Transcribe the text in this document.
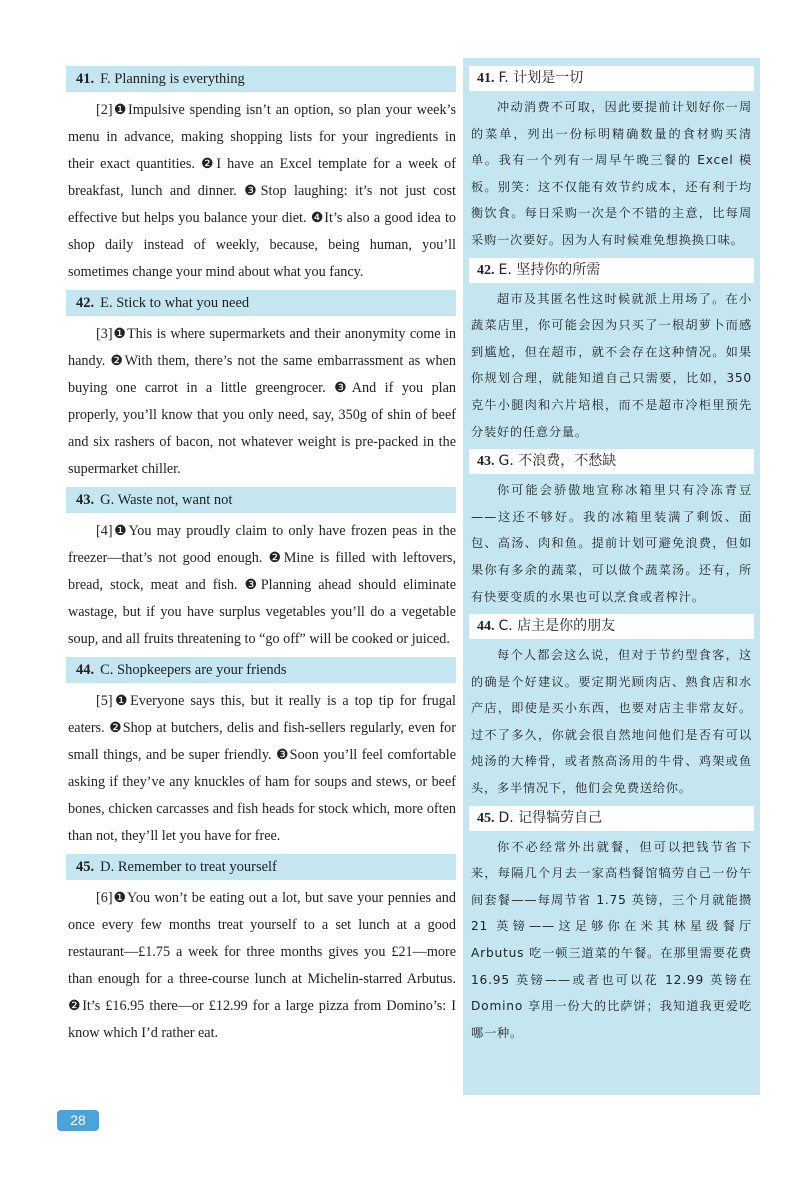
41. F. Planning is everything

[2]❶Impulsive spending isn’t an option, so plan your week’s menu in advance, making shopping lists for your ingredients in their exact quantities. ❷I have an Excel template for a week of breakfast, lunch and dinner. ❸Stop laughing: it’s not just cost effective but helps you balance your diet. ❹It’s also a good idea to shop daily instead of weekly, because, being human, you’ll sometimes change your mind about what you fancy.

42. E. Stick to what you need

[3]❶This is where supermarkets and their anonymity come in handy. ❷With them, there’s not the same embarrassment as when buying one carrot in a little greengrocer. ❸And if you plan properly, you’ll know that you only need, say, 350g of shin of beef and six rashers of bacon, not whatever weight is pre-packed in the supermarket chiller.

43. G. Waste not, want not

[4]❶You may proudly claim to only have frozen peas in the freezer—that’s not good enough. ❷Mine is filled with leftovers, bread, stock, meat and fish. ❸Planning ahead should eliminate wastage, but if you have surplus vegetables you’ll do a vegetable soup, and all fruits threatening to “go off” will be cooked or juiced.

44. C. Shopkeepers are your friends

[5]❶Everyone says this, but it really is a top tip for frugal eaters. ❷Shop at butchers, delis and fish-sellers regularly, even for small things, and be super friendly. ❸Soon you’ll feel comfortable asking if they’ve any knuckles of ham for soups and stews, or beef bones, chicken carcasses and fish heads for stock which, more often than not, they’ll let you have for free.

45. D. Remember to treat yourself

[6]❶You won’t be eating out a lot, but save your pennies and once every few months treat yourself to a set lunch at a good restaurant—£1.75 a week for three months gives you £21—more than enough for a three-course lunch at Michelin-starred Arbutus. ❷It’s £16.95 there—or £12.99 for a large pizza from Domino’s: I know which I’d rather eat.

41. F. 计划是一切

冲动消费不可取，因此要提前计划好你一周的菜单，列出一份标明精确数量的食材购买清单。我有一个列有一周早午晚三餐的 Excel 模板。别笑：这不仅能有效节约成本，还有利于均衡饮食。每日采购一次是个不错的主意，比每周采购一次要好。因为人有时候难免想换换口味。

42. E. 坚持你的所需

超市及其匿名性这时候就派上用场了。在小蔬菜店里，你可能会因为只买了一根胡萝卜而感到尴尬，但在超市，就不会存在这种情况。如果你规划合理，就能知道自己只需要，比如，350 克牛小腿肉和六片培根，而不是超市冷柜里预先分装好的任意分量。

43. G. 不浪费，不愁缺

你可能会骄傲地宣称冰箱里只有冷冻青豆——这还不够好。我的冰箱里装满了剩饭、面包、高汤、肉和鱼。提前计划可避免浪费，但如果你有多余的蔬菜，可以做个蔬菜汤。还有，所有快要变质的水果也可以烹食或者榨汁。

44. C. 店主是你的朋友

每个人都会这么说，但对于节约型食客，这的确是个好建议。要定期光顾肉店、熟食店和水产店，即使是买小东西，也要对店主非常友好。过不了多久，你就会很自然地问他们是否有可以炖汤的大棒骨，或者熬高汤用的牛骨、鸡架或鱼头，多半情况下，他们会免费送给你。

45. D. 记得犒劳自己

你不必经常外出就餐，但可以把钱节省下来，每隔几个月去一家高档餐馆犒劳自己一份午间套餐——每周节省 1.75 英镑，三个月就能攒 21 英镑——这足够你在米其林星级餐厅 Arbutus 吃一顿三道菜的午餐。在那里需要花费 16.95 英镑——或者也可以花 12.99 英镑在 Domino 享用一份大的比萨饼；我知道我更爱吃哪一种。

28
